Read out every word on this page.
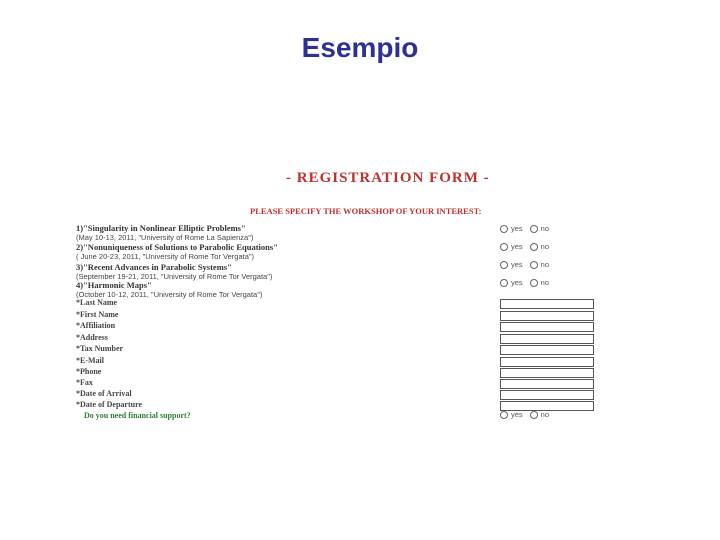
Esempio
- REGISTRATION FORM -
PLEASE SPECIFY THE WORKSHOP OF YOUR INTEREST:
1)"Singularity in Nonlinear Elliptic Problems"
(May 10-13, 2011, "University of Rome La Sapienza")
yes no
2)"Nonuniqueness of Solutions to Parabolic Equations"
( June 20-23, 2011, "University of Rome Tor Vergata")
yes no
3)"Recent Advances in Parabolic Systems"
(September 19-21, 2011, "University of Rome Tor Vergata")
yes no
4)"Harmonic Maps"
(October 10-12, 2011, "University of Rome Tor Vergata")
yes no
*Last Name
*First Name
*Affiliation
*Address
*Tax Number
*E-Mail
*Phone
*Fax
*Date of Arrival
*Date of Departure
Do you need financial support?	yes no
